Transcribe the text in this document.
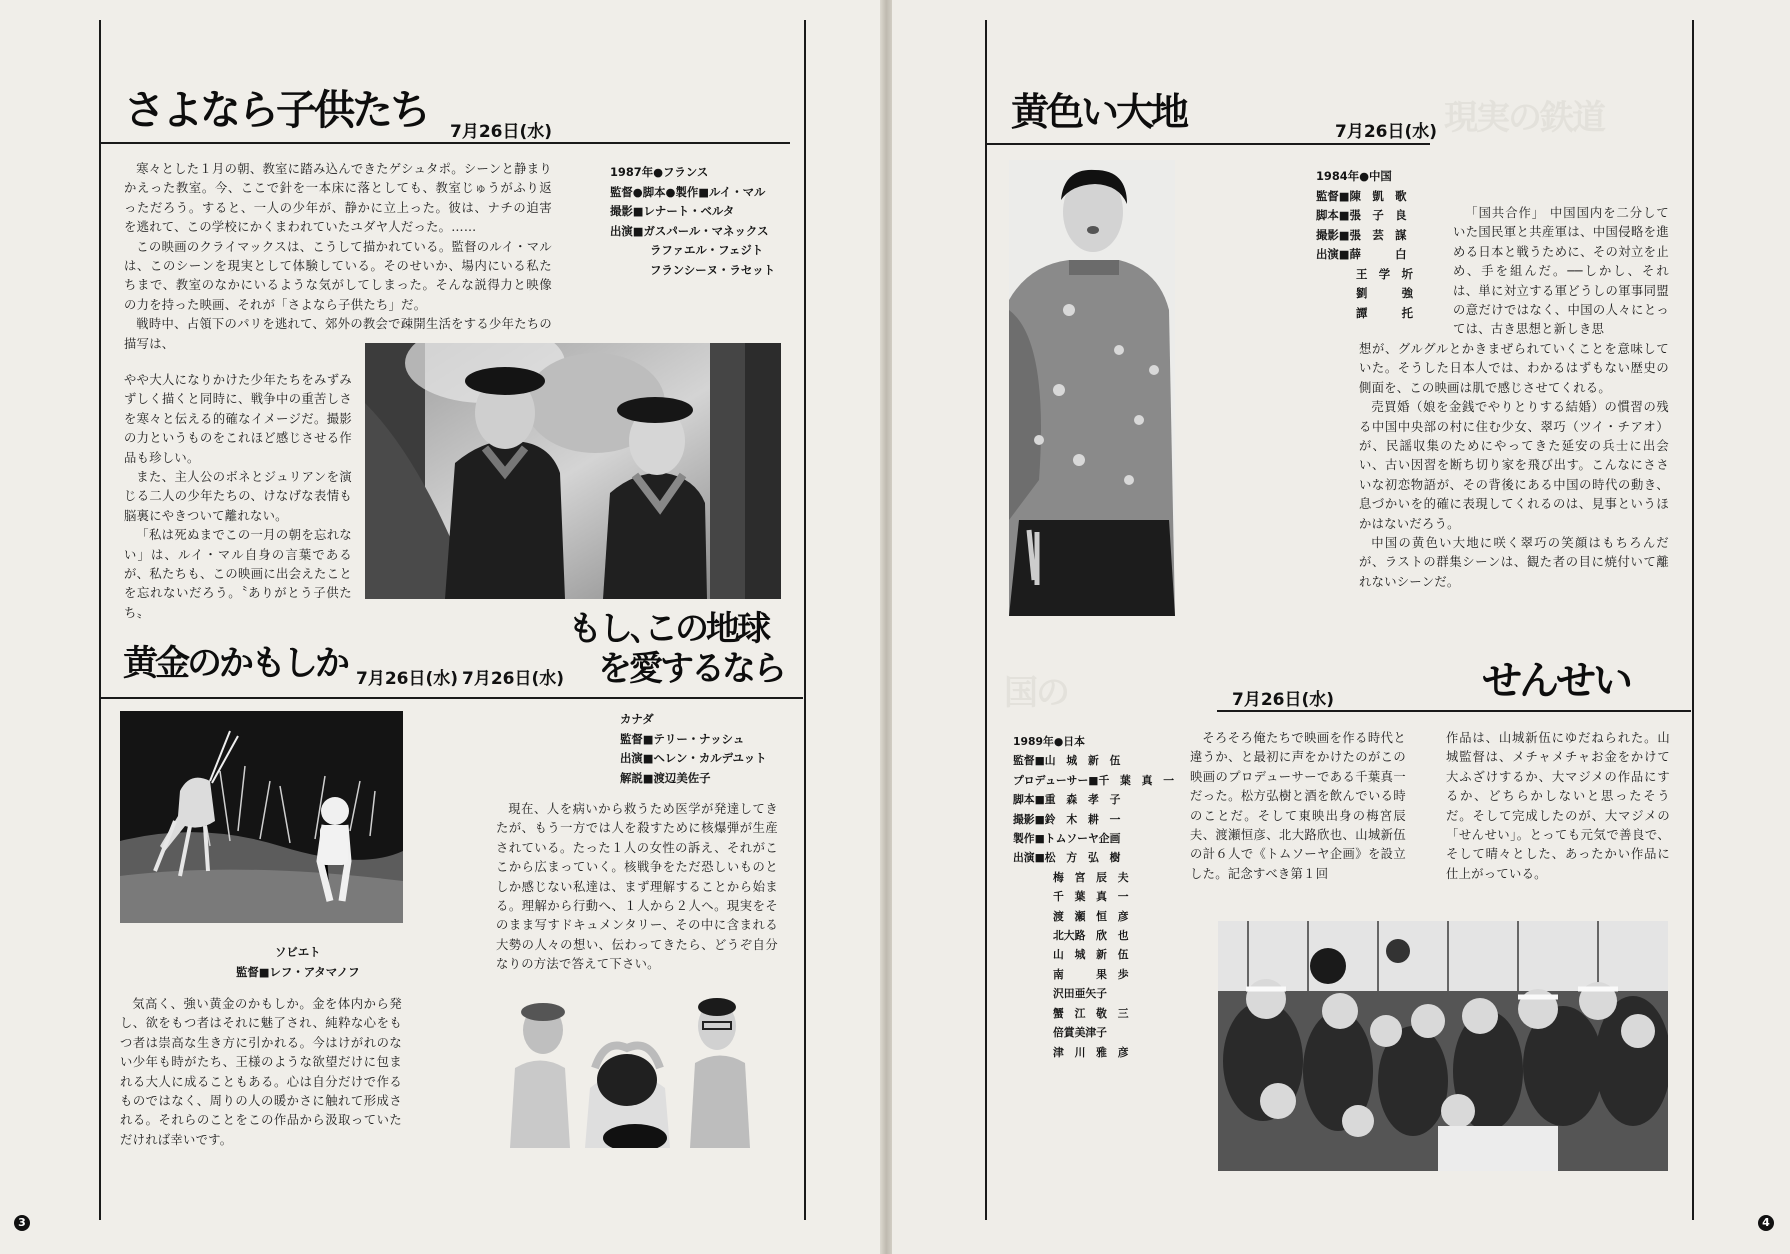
さよなら子供たち 7月26日(水)

寒々とした１月の朝、教室に踏み込んできたゲシュタポ。シーンと静まりかえった教室。今、ここで針を一本床に落としても、教室じゅうがふり返っただろう。すると、一人の少年が、静かに立上った。彼は、ナチの迫害を逃れて、この学校にかくまわれていたユダヤ人だった。……

この映画のクライマックスは、こうして描かれている。監督のルイ・マルは、このシーンを現実として体験している。そのせいか、場内にいる私たちまで、教室のなかにいるような気がしてしまった。そんな説得力と映像の力を持った映画、それが「さよなら子供たち」だ。

戦時中、占領下のパリを逃れて、郊外の教会で疎開生活をする少年たちの描写は、

やや大人になりかけた少年たちをみずみずしく描くと同時に、戦争中の重苦しさを寒々と伝える的確なイメージだ。撮影の力というものをこれほど感じさせる作品も珍しい。

また、主人公のボネとジュリアンを演じる二人の少年たちの、けなげな表情も脳裏にやきついて離れない。

「私は死ぬまでこの一月の朝を忘れない」は、ルイ・マル自身の言葉であるが、私たちも、この映画に出会えたことを忘れないだろう。〝ありがとう子供たち〟

1987年●フランス
監督●脚本●製作■ルイ・マル
撮影■レナート・ベルタ
出演■ガスパール・マネックス
ラファエル・フェジト
フランシーヌ・ラセット
黄金のかもしか 7月26日(水) 7月26日(水)
もし､この地球
を愛するなら
ソビエト
監督■レフ・アタマノフ

気高く、強い黄金のかもしか。金を体内から発し、欲をもつ者はそれに魅了され、純粋な心をもつ者は崇高な生き方に引かれる。今はけがれのない少年も時がたち、王様のような欲望だけに包まれる大人に成ることもある。心は自分だけで作るものではなく、周りの人の暖かさに触れて形成される。それらのことをこの作品から汲取っていただければ幸いです。

カナダ
監督■テリー・ナッシュ
出演■ヘレン・カルデユット
解説■渡辺美佐子

現在、人を病いから救うため医学が発達してきたが、もう一方では人を殺すために核爆弾が生産されている。たった１人の女性の訴え、それがここから広まっていく。核戦争をただ恐しいものとしか感じない私達は、まず理解することから始まる。理解から行動へ、１人から２人へ。現実をそのまま写すドキュメンタリー、その中に含まれる大勢の人々の想い、伝わってきたら、どうぞ自分なりの方法で答えて下さい。

3
現実の鉄道
国の
黄色い大地	7月26日(水)
1984年●中国
監督■陳　凱　歌
脚本■張　子　良
撮影■張　芸　謀
出演■薛　　　白
王　学　圻
劉　　　強
譚　　　托

「国共合作」 中国国内を二分していた国民軍と共産軍は、中国侵略を進める日本と戦うために、その対立を止め、手を組んだ。──しかし、それは、単に対立する軍どうしの軍事同盟の意だけではなく、中国の人々にとっては、古き思想と新しき思

想が、グルグルとかきまぜられていくことを意味していた。そうした日本人では、わかるはずもない歴史の側面を、この映画は肌で感じさせてくれる。

売買婚（娘を金銭でやりとりする結婚）の慣習の残る中国中央部の村に住む少女、翠巧（ツイ・チアオ）が、民謡収集のためにやってきた延安の兵士に出会い、古い因習を断ち切り家を飛び出す。こんなにささいな初恋物語が、その背後にある中国の時代の動き、息づかいを的確に表現してくれるのは、見事というほかはないだろう。

中国の黄色い大地に咲く翠巧の笑顔はもちろんだが、ラストの群集シーンは、観た者の目に焼付いて離れないシーンだ。

7月26日(水)	せんせい
1989年●日本
監督■山　城　新　伍
プロデューサー■千　葉　真　一
脚本■重　森　孝　子
撮影■鈴　木　耕　一
製作■トムソーヤ企画
出演■松　方　弘　樹
梅　宮　辰　夫
千　葉　真　一
渡　瀬　恒　彦
北大路　欣　也
山　城　新　伍
南　　　果　歩
沢田亜矢子
蟹　江　敬　三
倍賞美津子
津　川　雅　彦

そろそろ俺たちで映画を作る時代と違うか、と最初に声をかけたのがこの映画のプロデューサーである千葉真一だった。松方弘樹と酒を飲んでいる時のことだ。そして東映出身の梅宮辰夫、渡瀬恒彦、北大路欣也、山城新伍の計６人で《トムソーヤ企画》を設立した。記念すべき第１回

作品は、山城新伍にゆだねられた。山城監督は、メチャメチャお金をかけて大ふざけするか、大マジメの作品にするか、どちらかしないと思ったそうだ。そして完成したのが、大マジメの「せんせい」。とっても元気で善良で、そして晴々とした、あったかい作品に仕上がっている。

4
